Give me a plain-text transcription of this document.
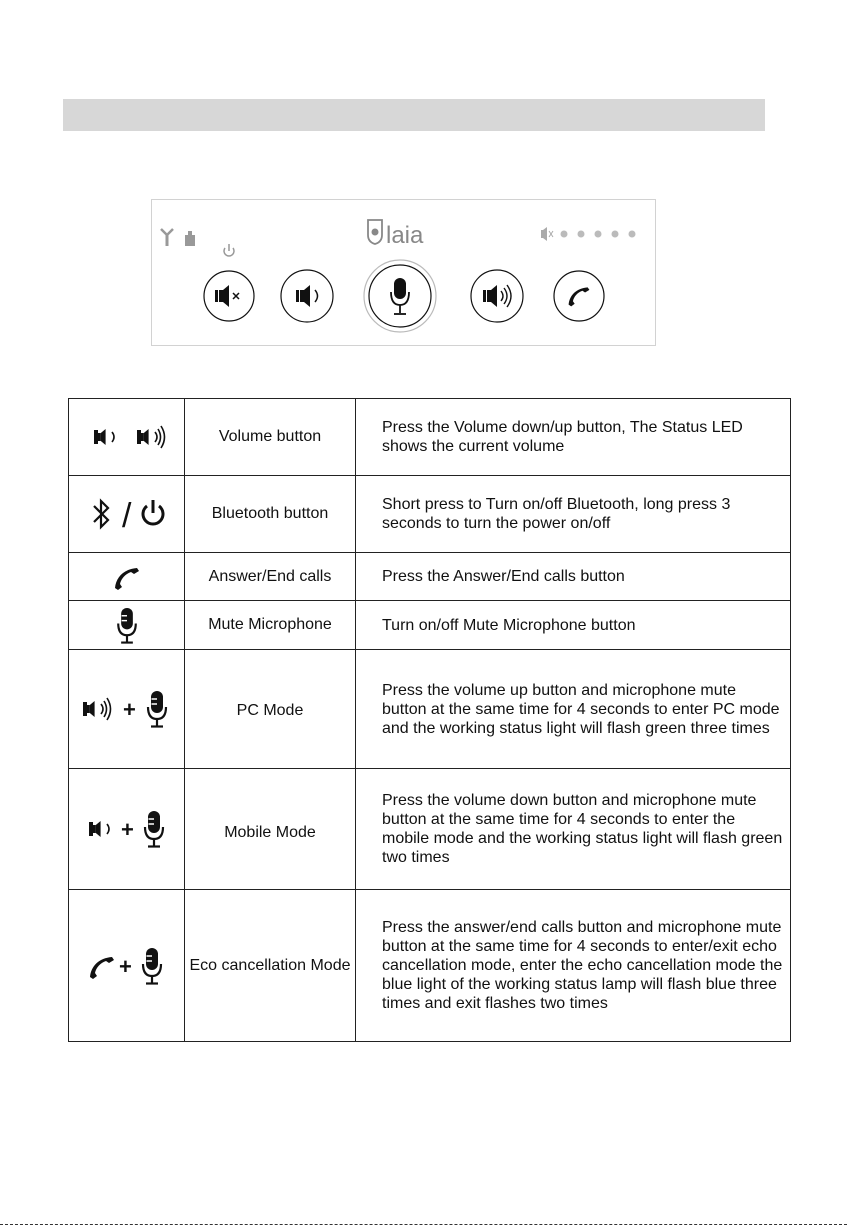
laia
	Volume button	Press the Volume down/up button, The Status LED shows the current volume

/	Bluetooth button	Short press to Turn on/off Bluetooth, long press 3 seconds to turn the power on/off

	Answer/End calls	Press the Answer/End calls button

	Mute Microphone	Turn on/off Mute Microphone button

+	PC Mode	Press the volume up button and microphone mute button at the same time for 4 seconds to enter PC mode and the working status light will flash green three times

+	Mobile Mode	Press the volume down button and microphone mute button at the same time for 4 seconds to enter the mobile mode and the working status light will flash green two times

+	Eco cancellation Mode	Press the answer/end calls button and microphone mute button at the same time for 4 seconds to enter/exit echo cancellation mode, enter the echo cancellation mode the blue light of the working status lamp will flash blue three times and exit flashes two times
